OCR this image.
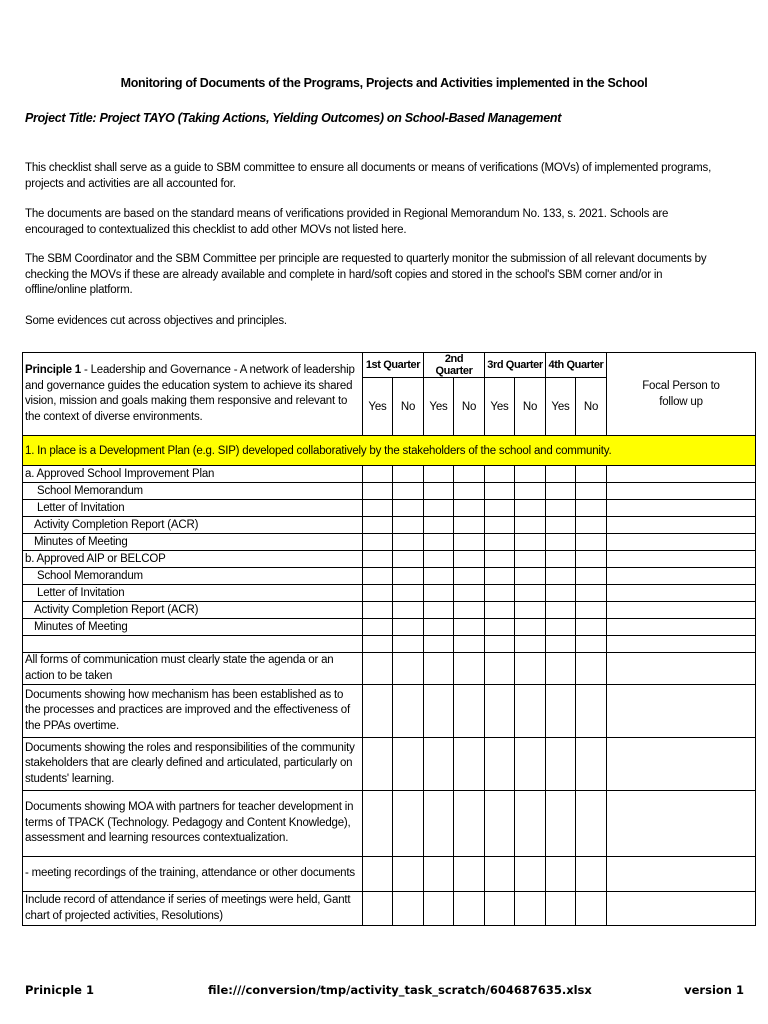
Monitoring of Documents of the Programs, Projects and Activities implemented in the School
Project Title: Project TAYO (Taking Actions, Yielding Outcomes) on School-Based Management

This checklist shall serve as a guide to SBM committee to ensure all documents or means of verifications (MOVs) of implemented programs, projects and activities are all accounted for.

The documents are based on the standard means of verifications provided in Regional Memorandum No. 133, s. 2021. Schools are encouraged to contextualized this checklist to add other MOVs not listed here.

The SBM Coordinator and the SBM Committee per principle are requested to quarterly monitor the submission of all relevant documents by checking the MOVs if these are already available and complete in hard/soft copies and stored in the school's SBM corner and/or in offline/online platform.

Some evidences cut across objectives and principles.

Principle 1 - Leadership and Governance - A network of leadership and governance guides the education system to achieve its shared vision, mission and goals making them responsive and relevant to the context of diverse environments.	1st Quarter		2nd Quarter		3rd Quarter		4th Quarter		Focal Person to follow up

	Yes	No	Yes	No	Yes	No	Yes	No	
1. In place is a Development Plan (e.g. SIP) developed collaboratively by the stakeholders of the school and community.									
a. Approved School Improvement Plan									
School Memorandum									
Letter of Invitation									
Activity Completion Report (ACR)									
Minutes of Meeting									
b. Approved AIP or BELCOP									
School Memorandum									
Letter of Invitation									
Activity Completion Report (ACR)									
Minutes of Meeting									

All forms of communication must clearly state the agenda or an action to be taken									
Documents showing how mechanism has been established as to the processes and practices are improved and the effectiveness of the PPAs overtime.									
Documents showing the roles and responsibilities of the community stakeholders that are clearly defined and articulated, particularly on students' learning.									
Documents showing MOA with partners for teacher development in terms of TPACK (Technology. Pedagogy and Content Knowledge), assessment and learning resources contextualization.									
- meeting recordings of the training, attendance or other documents									
Include record of attendance if series of meetings were held, Gantt chart of projected activities, Resolutions)									
Prinicple 1	file:///conversion/tmp/activity_task_scratch/604687635.xlsx	version 1
